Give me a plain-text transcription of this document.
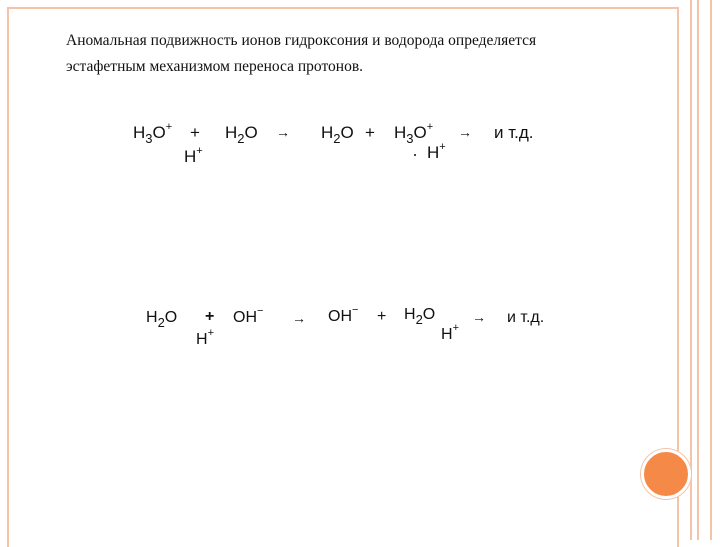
Аномальная подвижность ионов гидроксония и водорода определяется
эстафетным механизмом переноса протонов.
$H_3O^+ + H_2O \to H_2O + H_3O^+ \to и$ т.д.
H+	H+
$H_2O + OH^- \to OH^- + H_2O$	→ и т.д.
H+	H+
